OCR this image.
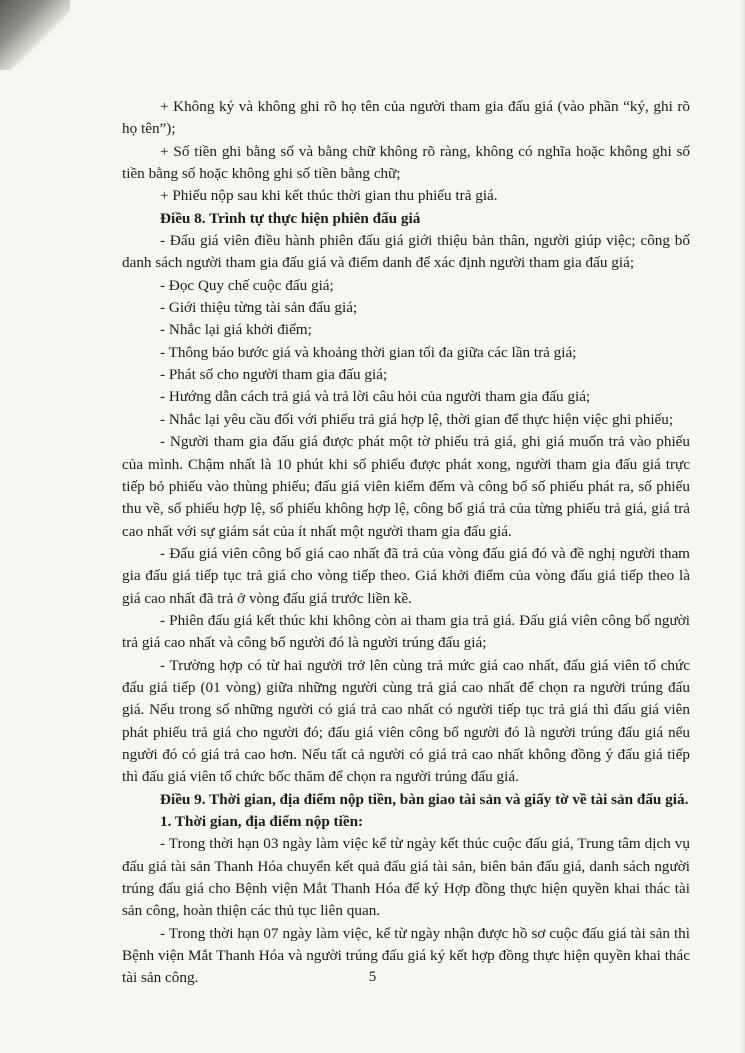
+ Không ký và không ghi rõ họ tên của người tham gia đấu giá (vào phần “ký, ghi rõ họ tên”);

+ Số tiền ghi bằng số và bằng chữ không rõ ràng, không có nghĩa hoặc không ghi số tiền bằng số hoặc không ghi số tiền bằng chữ;

+ Phiếu nộp sau khi kết thúc thời gian thu phiếu trả giá.

Điều 8. Trình tự thực hiện phiên đấu giá

- Đấu giá viên điều hành phiên đấu giá giới thiệu bản thân, người giúp việc; công bố danh sách người tham gia đấu giá và điểm danh để xác định người tham gia đấu giá;

- Đọc Quy chế cuộc đấu giá;

- Giới thiệu từng tài sản đấu giá;

- Nhắc lại giá khởi điểm;

- Thông báo bước giá và khoảng thời gian tối đa giữa các lần trả giá;

- Phát số cho người tham gia đấu giá;

- Hướng dẫn cách trả giá và trả lời câu hỏi của người tham gia đấu giá;

- Nhắc lại yêu cầu đối với phiếu trả giá hợp lệ, thời gian để thực hiện việc ghi phiếu;

- Người tham gia đấu giá được phát một tờ phiếu trả giá, ghi giá muốn trả vào phiếu của mình. Chậm nhất là 10 phút khi số phiếu được phát xong, người tham gia đấu giá trực tiếp bỏ phiếu vào thùng phiếu; đấu giá viên kiểm đếm và công bố số phiếu phát ra, số phiếu thu về, số phiếu hợp lệ, số phiếu không hợp lệ, công bố giá trả của từng phiếu trả giá, giá trả cao nhất với sự giám sát của ít nhất một người tham gia đấu giá.

- Đấu giá viên công bố giá cao nhất đã trả của vòng đấu giá đó và đề nghị người tham gia đấu giá tiếp tục trả giá cho vòng tiếp theo. Giá khởi điểm của vòng đấu giá tiếp theo là giá cao nhất đã trả ở vòng đấu giá trước liền kề.

- Phiên đấu giá kết thúc khi không còn ai tham gia trả giá. Đấu giá viên công bố người trả giá cao nhất và công bố người đó là người trúng đấu giá;

- Trường hợp có từ hai người trở lên cùng trả mức giá cao nhất, đấu giá viên tổ chức đấu giá tiếp (01 vòng) giữa những người cùng trả giá cao nhất để chọn ra người trúng đấu giá. Nếu trong số những người có giá trả cao nhất có người tiếp tục trả giá thì đấu giá viên phát phiếu trả giá cho người đó; đấu giá viên công bố người đó là người trúng đấu giá nếu người đó có giá trả cao hơn. Nếu tất cả người có giá trả cao nhất không đồng ý đấu giá tiếp thì đấu giá viên tổ chức bốc thăm để chọn ra người trúng đấu giá.

Điều 9. Thời gian, địa điểm nộp tiền, bàn giao tài sản và giấy tờ về tài sản đấu giá.

1. Thời gian, địa điểm nộp tiền:

- Trong thời hạn 03 ngày làm việc kể từ ngày kết thúc cuộc đấu giá, Trung tâm dịch vụ đấu giá tài sản Thanh Hóa chuyển kết quả đấu giá tài sản, biên bản đấu giá, danh sách người trúng đấu giá cho Bệnh viện Mắt Thanh Hóa để ký Hợp đồng thực hiện quyền khai thác tài sản công, hoàn thiện các thủ tục liên quan.

- Trong thời hạn 07 ngày làm việc, kể từ ngày nhận được hồ sơ cuộc đấu giá tài sản thì Bệnh viện Mắt Thanh Hóa và người trúng đấu giá ký kết hợp đồng thực hiện quyền khai thác tài sản công.	5
